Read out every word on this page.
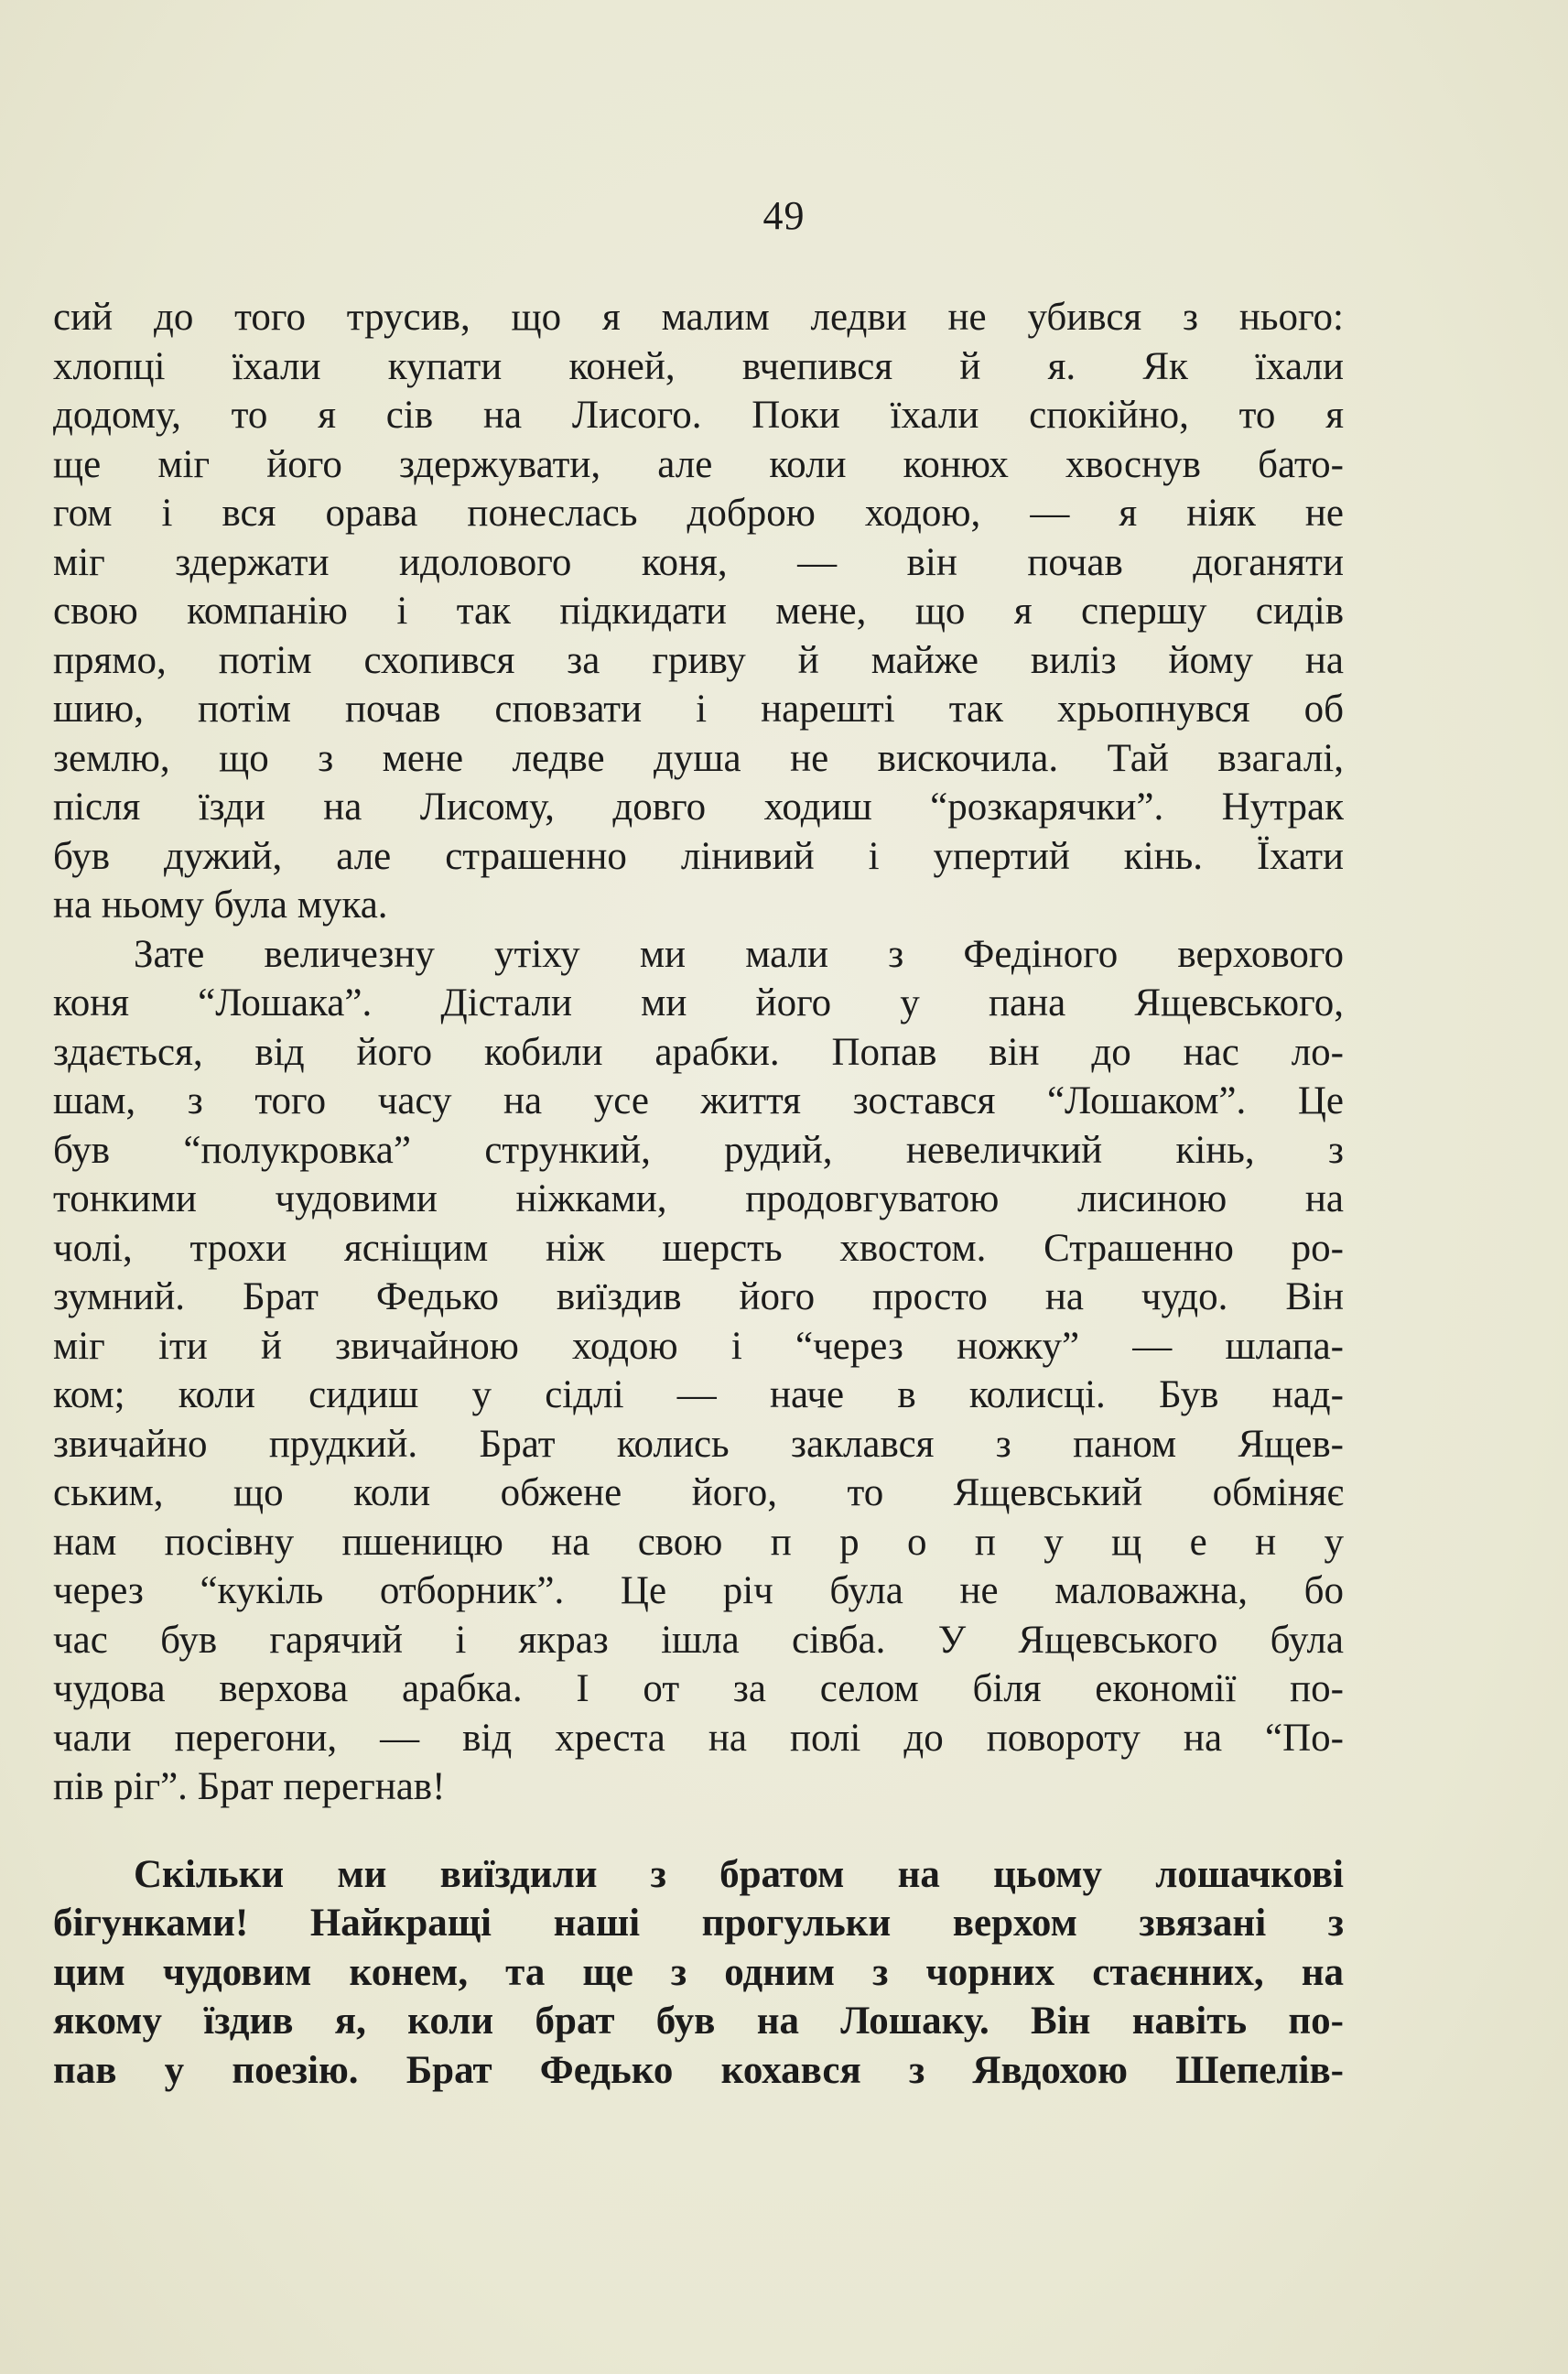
49
сий до того трусив, що я малим ледви не убився з нього:
хлопці їхали купати коней, вчепився й я. Як їхали
додому, то я сів на Лисого. Поки їхали спокійно, то я
ще міг його здержувати, але коли конюх хвоснув бато-
гом і вся орава понеслась доброю ходою, — я ніяк не
міг здержати идолового коня, — він почав доганяти
свою компанію і так підкидати мене, що я спершу сидів
прямо, потім схопився за гриву й майже виліз йому на
шию, потім почав сповзати і нарешті так хрьопнувся об
землю, що з мене ледве душа не вискочила. Тай взагалі,
після їзди на Лисому, довго ходиш “розкарячки”. Нутрак
був дужий, але страшенно лінивий і упертий кінь. Їхати
на ньому була мука.
Зате величезну утіху ми мали з Федіного верхового
коня “Лошака”. Дістали ми його у пана Ящевського,
здається, від його кобили арабки. Попав він до нас ло-
шам, з того часу на усе життя зостався “Лошаком”. Це
був “полукровка” стрункий, рудий, невеличкий кінь, з
тонкими чудовими ніжками, продовгуватою лисиною на
чолі, трохи ясніщим ніж шерсть хвостом. Страшенно ро-
зумний. Брат Федько виїздив його просто на чудо. Він
міг іти й звичайною ходою і “через ножку” — шлапа-
ком; коли сидиш у сідлі — наче в колисці. Був над-
звичайно прудкий. Брат колись заклався з паном Ящев-
ським, що коли обжене його, то Ящевський обміняє
нам посівну пшеницю на свою п р о п у щ е н у
через “кукіль отборник”. Це річ була не маловажна, бо
час був гарячий і якраз ішла сівба. У Ящевського була
чудова верхова арабка. І от за селом біля економії по-
чали перегони, — від хреста на полі до повороту на “По-
пів ріг”. Брат перегнав!
Скільки ми виїздили з братом на цьому лошачкові
бігунками! Найкращі наші прогульки верхом звязані з
цим чудовим конем, та ще з одним з чорних стаєнних, на
якому їздив я, коли брат був на Лошаку. Він навіть по-
пав у поезію. Брат Федько кохався з Явдохою Шепелів-
